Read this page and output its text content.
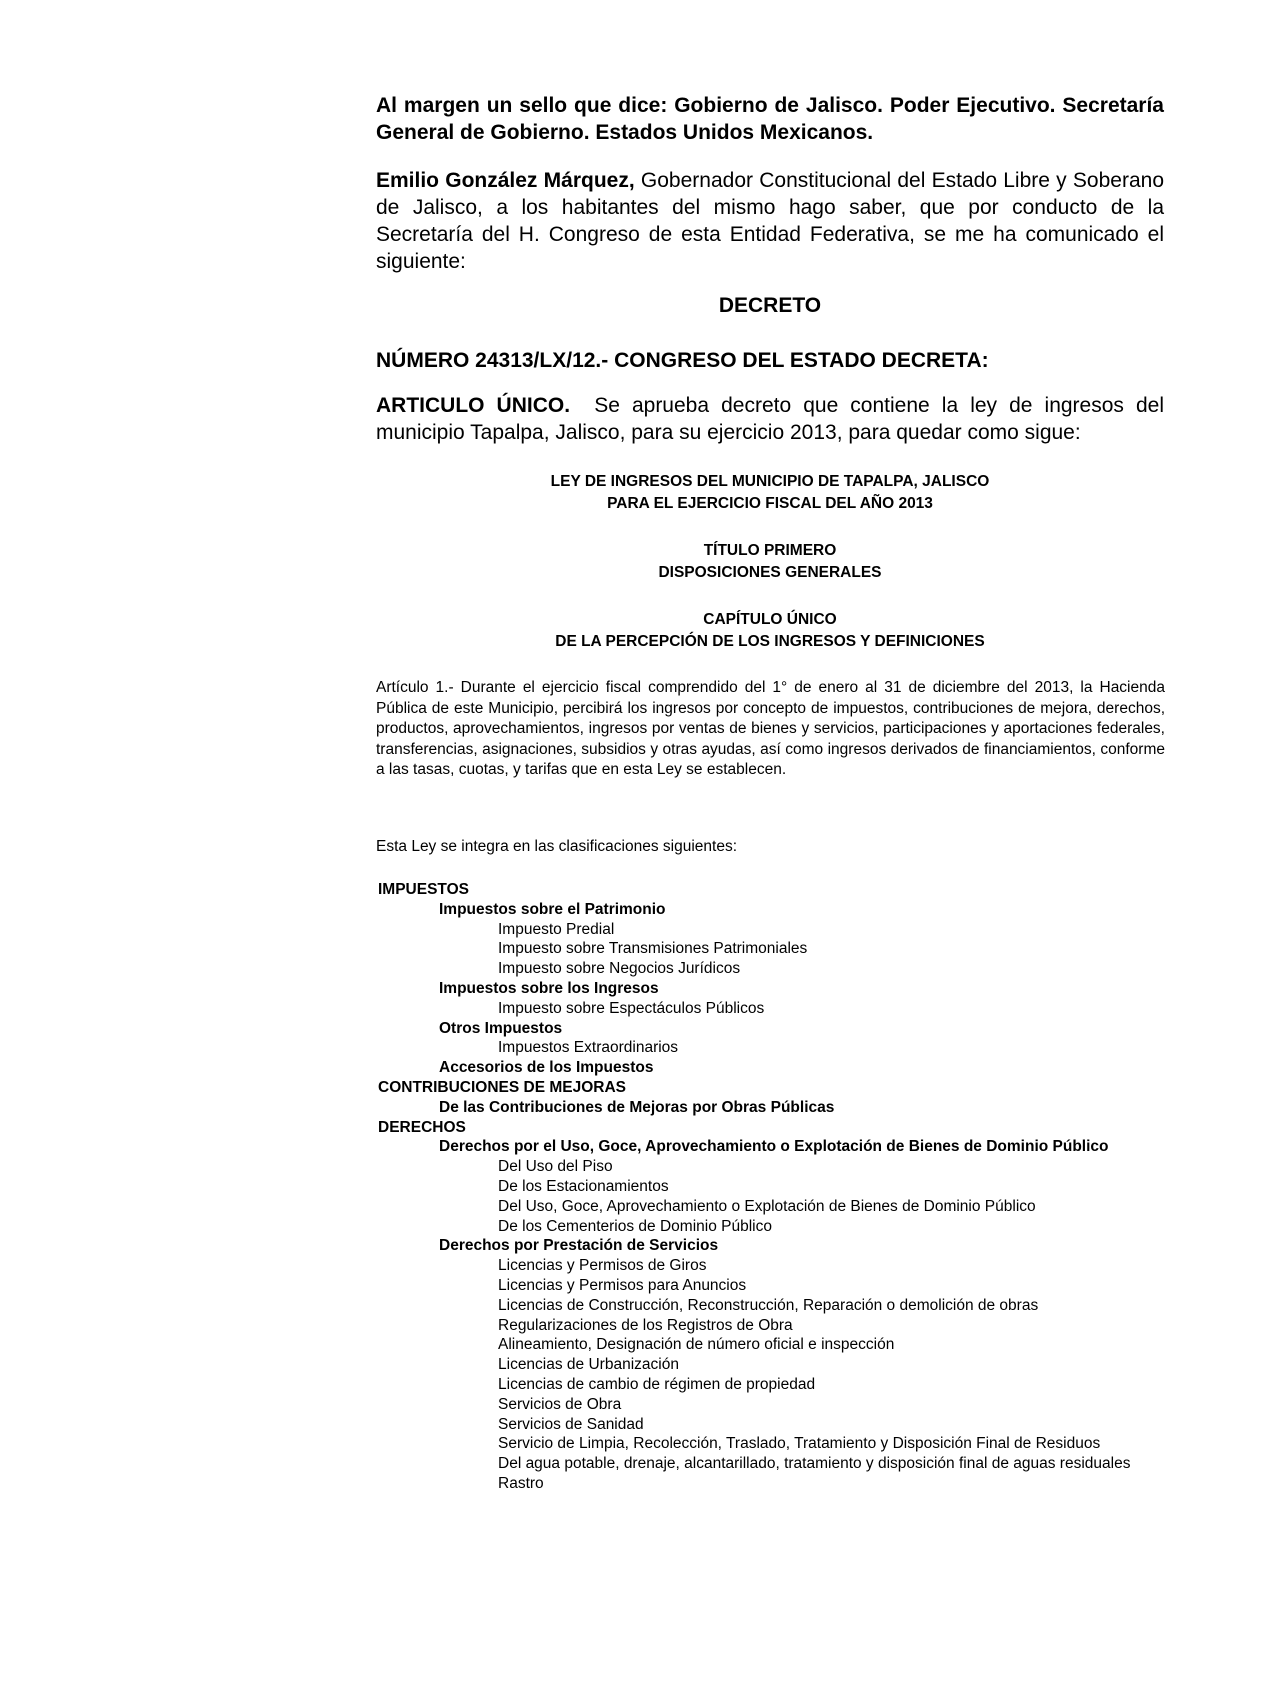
Al margen un sello que dice: Gobierno de Jalisco. Poder Ejecutivo. Secretaría General de Gobierno. Estados Unidos Mexicanos.

Emilio González Márquez, Gobernador Constitucional del Estado Libre y Soberano de Jalisco, a los habitantes del mismo hago saber, que por conducto de la Secretaría del H. Congreso de esta Entidad Federativa, se me ha comunicado el siguiente:

DECRETO

NÚMERO 24313/LX/12.- CONGRESO DEL ESTADO DECRETA:

ARTICULO ÚNICO.  Se aprueba decreto que contiene la ley de ingresos del municipio Tapalpa, Jalisco, para su ejercicio 2013, para quedar como sigue:

LEY DE INGRESOS DEL MUNICIPIO DE TAPALPA, JALISCO
PARA EL EJERCICIO FISCAL DEL AÑO 2013
TÍTULO PRIMERO
DISPOSICIONES GENERALES
CAPÍTULO ÚNICO
DE LA PERCEPCIÓN DE LOS INGRESOS Y DEFINICIONES

Artículo 1.- Durante el ejercicio fiscal comprendido del 1° de enero al 31 de diciembre del 2013, la Hacienda Pública de este Municipio, percibirá los ingresos por concepto de impuestos, contribuciones de mejora, derechos, productos, aprovechamientos, ingresos por ventas de bienes y servicios, participaciones y aportaciones federales, transferencias, asignaciones, subsidios y otras ayudas, así como ingresos derivados de financiamientos, conforme a las tasas, cuotas, y tarifas que en esta Ley se establecen.

Esta Ley se integra en las clasificaciones siguientes:

IMPUESTOS
Impuestos sobre el Patrimonio
Impuesto Predial
Impuesto sobre Transmisiones Patrimoniales
Impuesto sobre Negocios Jurídicos
Impuestos sobre los Ingresos
Impuesto sobre Espectáculos Públicos
Otros Impuestos
Impuestos Extraordinarios
Accesorios de los Impuestos
CONTRIBUCIONES DE MEJORAS
De las Contribuciones de Mejoras por Obras Públicas
DERECHOS
Derechos por el Uso, Goce, Aprovechamiento o Explotación de Bienes de Dominio Público
Del Uso del Piso
De los Estacionamientos
Del Uso, Goce, Aprovechamiento o Explotación de Bienes de Dominio Público
De los Cementerios de Dominio Público
Derechos por Prestación de Servicios
Licencias y Permisos de Giros
Licencias y Permisos para Anuncios
Licencias de Construcción, Reconstrucción, Reparación o demolición de obras
Regularizaciones de los Registros de Obra
Alineamiento, Designación de número oficial e inspección
Licencias de Urbanización
Licencias de cambio de régimen de propiedad
Servicios de Obra
Servicios de Sanidad
Servicio de Limpia, Recolección, Traslado, Tratamiento y Disposición Final de Residuos
Del agua potable, drenaje, alcantarillado, tratamiento y disposición final de aguas residuales
Rastro
